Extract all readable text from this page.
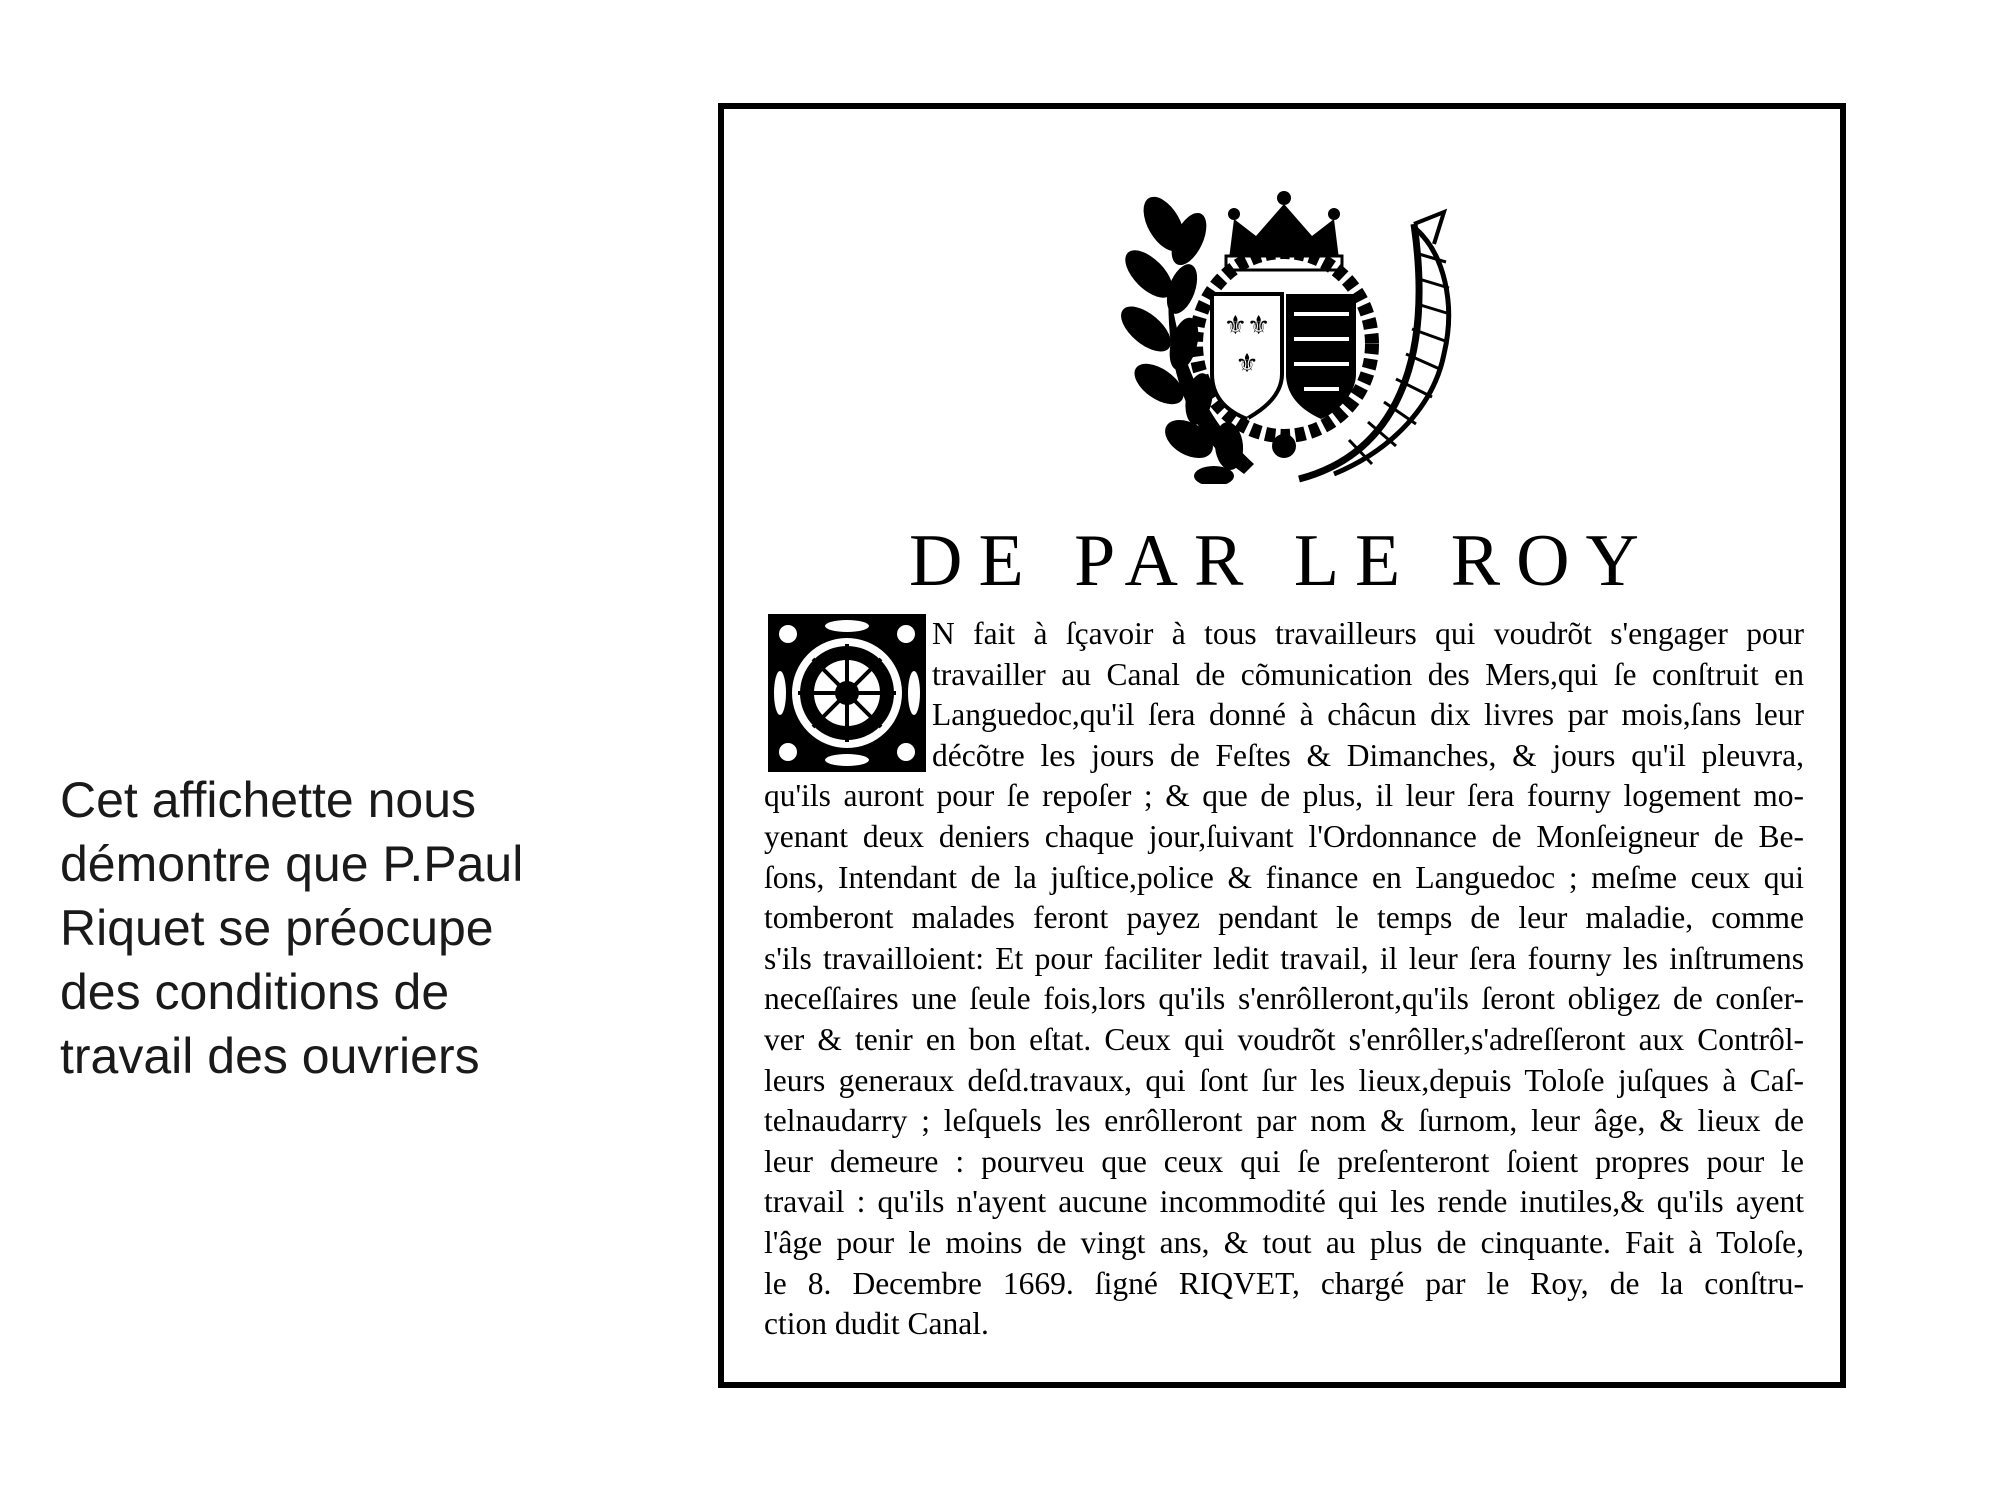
Cet affichette nous
démontre que P.Paul
Riquet se préocupe
des conditions de
travail des ouvriers
⚜⚜
⚜
DE PAR LE ROY
N fait à ſçavoir à tous travailleurs qui voudrõt s'engager pour
travailler au Canal de cõmunication des Mers,qui ſe conſtruit en
Languedoc,qu'il ſera donné à châcun dix livres par mois,ſans leur
décõtre les jours de Feſtes & Dimanches, & jours qu'il pleuvra,
qu'ils auront pour ſe repoſer ; & que de plus, il leur ſera fourny logement mo-
yenant deux deniers chaque jour,ſuivant l'Ordonnance de Monſeigneur de Be-
ſons, Intendant de la juſtice,police & finance en Languedoc ; meſme ceux qui
tomberont malades feront payez pendant le temps de leur maladie, comme
s'ils travailloient: Et pour faciliter ledit travail, il leur ſera fourny les inſtrumens
neceſſaires une ſeule fois,lors qu'ils s'enrôlleront,qu'ils ſeront obligez de conſer-
ver & tenir en bon eſtat. Ceux qui voudrõt s'enrôller,s'adreſſeront aux Contrôl-
leurs generaux deſd.travaux, qui ſont ſur les lieux,depuis Toloſe juſques à Caſ-
telnaudarry ; leſquels les enrôlleront par nom & ſurnom, leur âge, & lieux de
leur demeure : pourveu que ceux qui ſe preſenteront ſoient propres pour le
travail : qu'ils n'ayent aucune incommodité qui les rende inutiles,& qu'ils ayent
l'âge pour le moins de vingt ans, & tout au plus de cinquante. Fait à Toloſe,
le 8. Decembre 1669. ſigné RIQVET, chargé par le Roy, de la conſtru-
ction dudit Canal.
